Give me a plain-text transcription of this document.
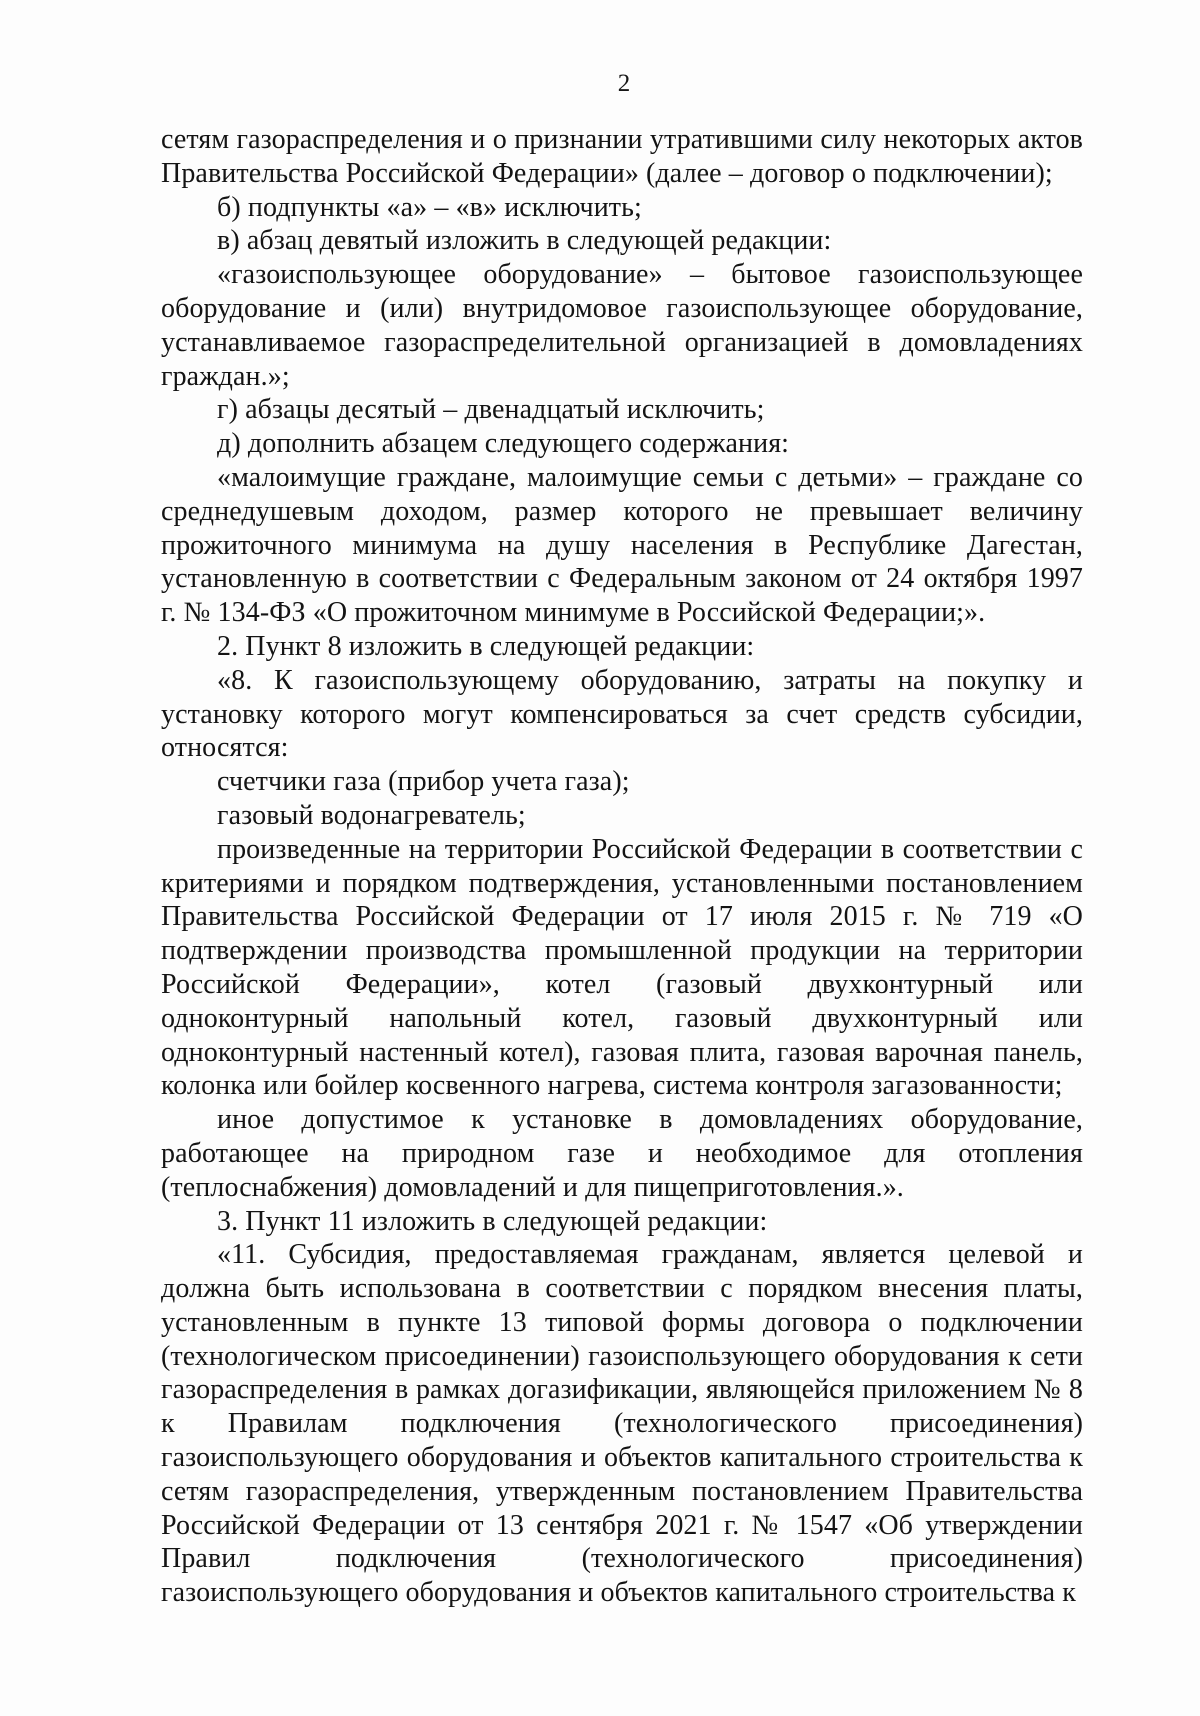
2

сетям газораспределения и о признании утратившими силу некоторых актов Правительства Российской Федерации» (далее – договор о подключении);

б) подпункты «а» – «в» исключить;

в) абзац девятый изложить в следующей редакции:

«газоиспользующее оборудование» – бытовое газоиспользующее оборудование и (или) внутридомовое газоиспользующее оборудование, устанавливаемое газораспределительной организацией в домовладениях граждан.»;

г) абзацы десятый – двенадцатый исключить;

д) дополнить абзацем следующего содержания:

«малоимущие граждане, малоимущие семьи с детьми» – граждане со среднедушевым доходом, размер которого не превышает величину прожиточного минимума на душу населения в Республике Дагестан, установленную в соответствии с Федеральным законом от 24 октября 1997 г. № 134-ФЗ «О прожиточном минимуме в Российской Федерации;».

2. Пункт 8 изложить в следующей редакции:

«8. К газоиспользующему оборудованию, затраты на покупку и установку которого могут компенсироваться за счет средств субсидии, относятся:

счетчики газа (прибор учета газа);

газовый водонагреватель;

произведенные на территории Российской Федерации в соответствии с критериями и порядком подтверждения, установленными постановлением Правительства Российской Федерации от 17 июля 2015 г. № 719 «О подтверждении производства промышленной продукции на территории Российской Федерации», котел (газовый двухконтурный или одноконтурный напольный котел, газовый двухконтурный или одноконтурный настенный котел), газовая плита, газовая варочная панель, колонка или бойлер косвенного нагрева, система контроля загазованности;

иное допустимое к установке в домовладениях оборудование, работающее на природном газе и необходимое для отопления (теплоснабжения) домовладений и для пищеприготовления.».

3. Пункт 11 изложить в следующей редакции:

«11. Субсидия, предоставляемая гражданам, является целевой и должна быть использована в соответствии с порядком внесения платы, установленным в пункте 13 типовой формы договора о подключении (технологическом присоединении) газоиспользующего оборудования к сети газораспределения в рамках догазификации, являющейся приложением № 8 к Правилам подключения (технологического присоединения) газоиспользующего оборудования и объектов капитального строительства к сетям газораспределения, утвержденным постановлением Правительства Российской Федерации от 13 сентября 2021 г. № 1547 «Об утверждении Правил подключения (технологического присоединения) газоиспользующего оборудования и объектов капитального строительства к
